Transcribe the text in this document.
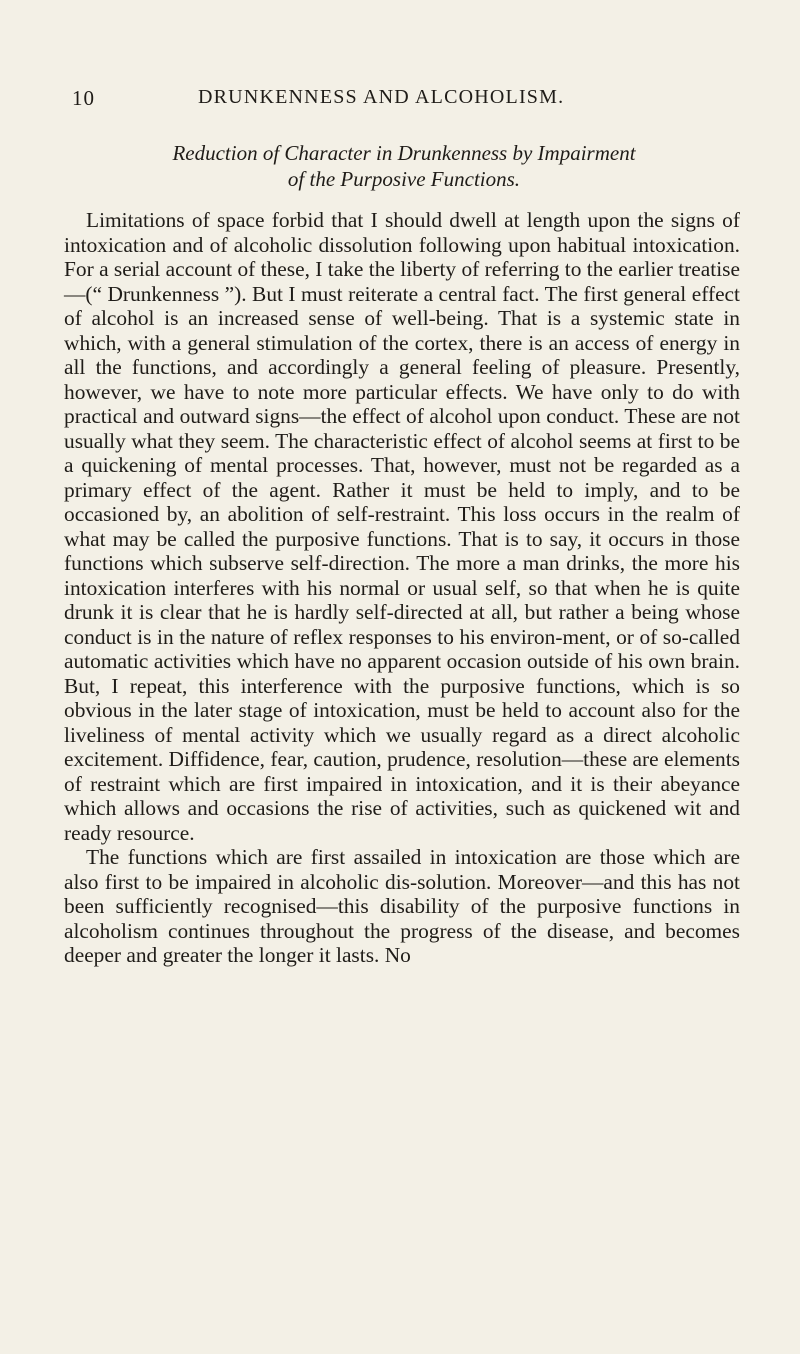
10	DRUNKENNESS AND ALCOHOLISM.
Reduction of Character in Drunkenness by Impairment
of the Purposive Functions.

Limitations of space forbid that I should dwell at length upon the signs of intoxication and of alcoholic dissolution following upon habitual intoxication. For a serial account of these, I take the liberty of referring to the earlier treatise —(“ Drunkenness ”). But I must reiterate a central fact. The first general effect of alcohol is an increased sense of well-being. That is a systemic state in which, with a general stimulation of the cortex, there is an access of energy in all the functions, and accordingly a general feeling of pleasure. Presently, however, we have to note more particular effects. We have only to do with practical and outward signs—the effect of alcohol upon conduct. These are not usually what they seem. The characteristic effect of alcohol seems at first to be a quickening of mental processes. That, however, must not be regarded as a primary effect of the agent. Rather it must be held to imply, and to be occasioned by, an abolition of self-restraint. This loss occurs in the realm of what may be called the purposive functions. That is to say, it occurs in those functions which subserve self-direction. The more a man drinks, the more his intoxication interferes with his normal or usual self, so that when he is quite drunk it is clear that he is hardly self-directed at all, but rather a being whose conduct is in the nature of reflex responses to his environ-ment, or of so-called automatic activities which have no apparent occasion outside of his own brain. But, I repeat, this interference with the purposive functions, which is so obvious in the later stage of intoxication, must be held to account also for the liveliness of mental activity which we usually regard as a direct alcoholic excitement. Diffidence, fear, caution, prudence, resolution—these are elements of restraint which are first impaired in intoxication, and it is their abeyance which allows and occasions the rise of activities, such as quickened wit and ready resource.

The functions which are first assailed in intoxication are those which are also first to be impaired in alcoholic dis-solution. Moreover—and this has not been sufficiently recognised—this disability of the purposive functions in alcoholism continues throughout the progress of the disease, and becomes deeper and greater the longer it lasts. No
